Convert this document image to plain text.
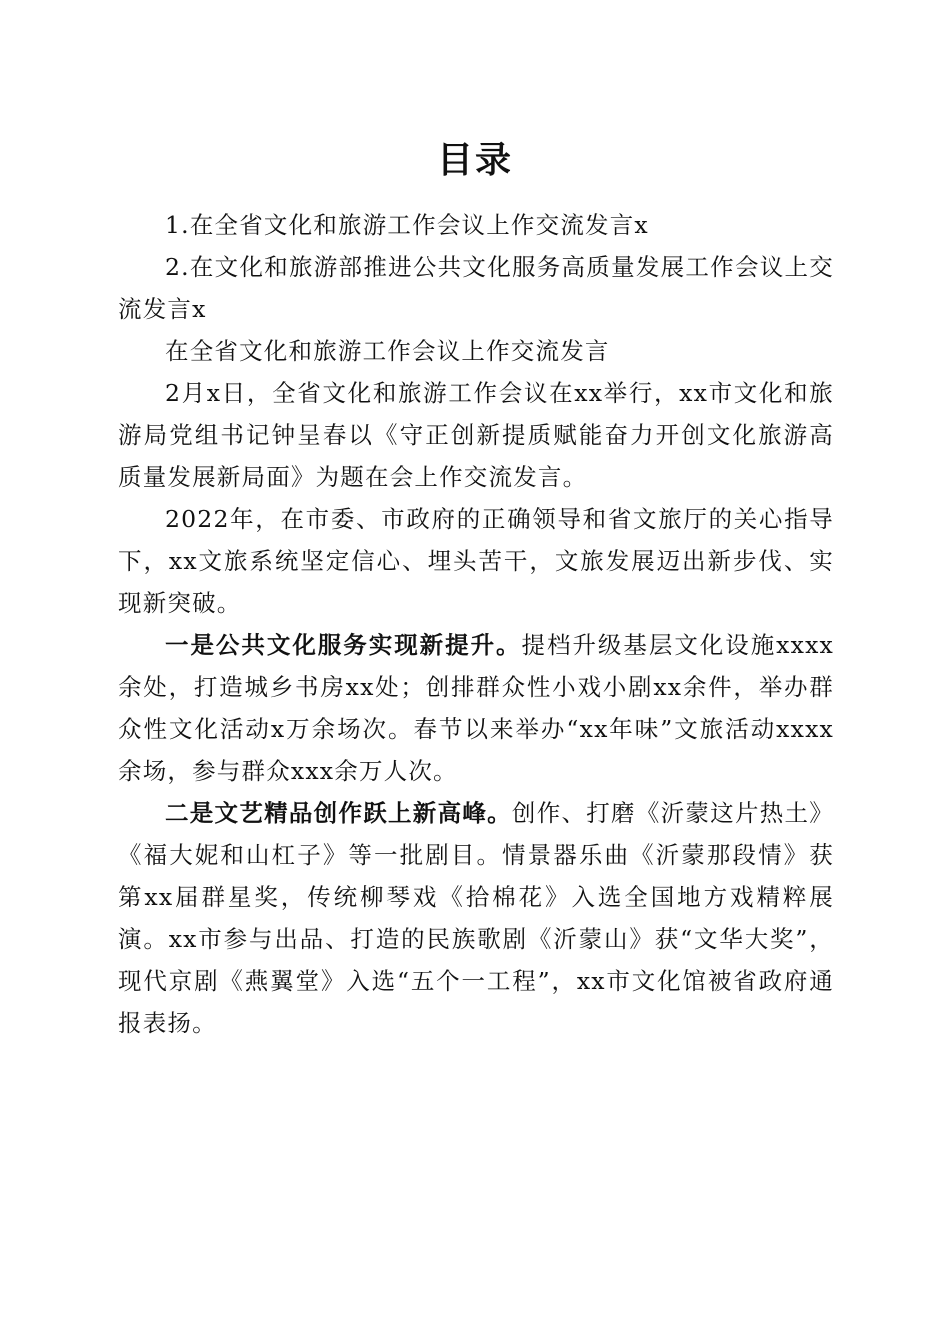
目录

1.在全省文化和旅游工作会议上作交流发言x

2.在文化和旅游部推进公共文化服务高质量发展工作会议上交流发言x

在全省文化和旅游工作会议上作交流发言

2月x日，全省文化和旅游工作会议在xx举行，xx市文化和旅游局党组书记钟呈春以《守正创新提质赋能奋力开创文化旅游高质量发展新局面》为题在会上作交流发言。

2022年，在市委、市政府的正确领导和省文旅厅的关心指导下，xx文旅系统坚定信心、埋头苦干，文旅发展迈出新步伐、实现新突破。

一是公共文化服务实现新提升。提档升级基层文化设施xxxx余处，打造城乡书房xx处；创排群众性小戏小剧xx余件，举办群众性文化活动x万余场次。春节以来举办“xx年味”文旅活动xxxx余场，参与群众xxx余万人次。

二是文艺精品创作跃上新高峰。创作、打磨《沂蒙这片热土》《福大妮和山杠子》等一批剧目。情景器乐曲《沂蒙那段情》获第xx届群星奖，传统柳琴戏《拾棉花》入选全国地方戏精粹展演。xx市参与出品、打造的民族歌剧《沂蒙山》获“文华大奖”，现代京剧《燕翼堂》入选“五个一工程”，xx市文化馆被省政府通报表扬。
